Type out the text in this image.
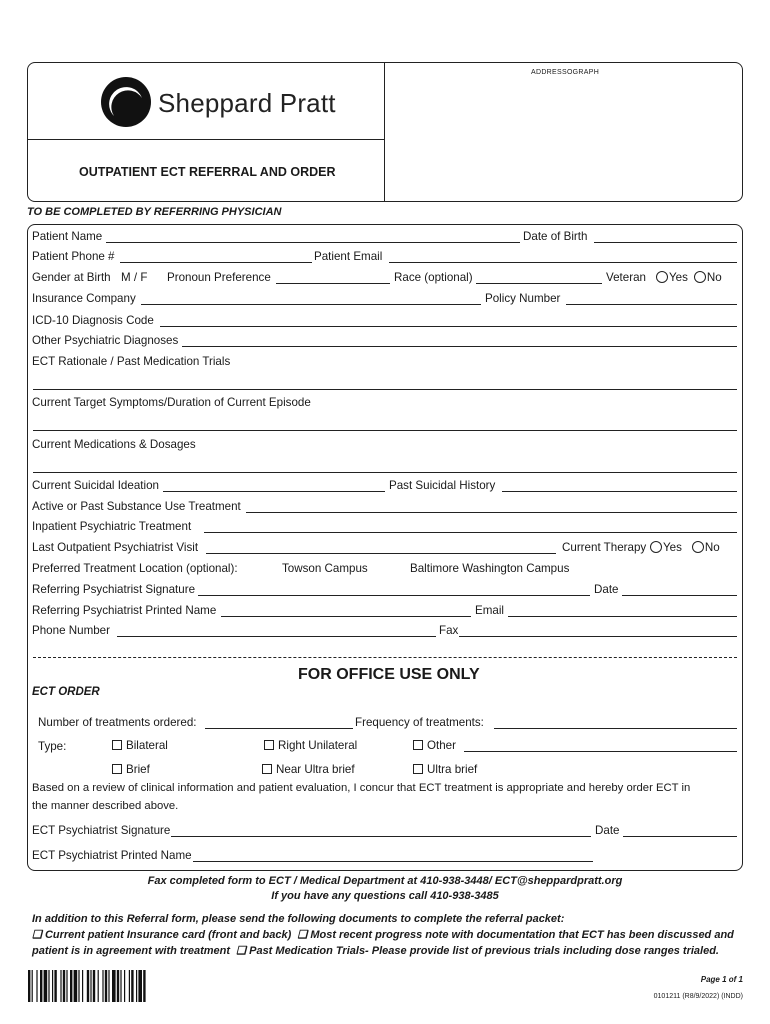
ADDRESSOGRAPH
Sheppard Pratt
OUTPATIENT ECT REFERRAL AND ORDER
TO BE COMPLETED BY REFERRING PHYSICIAN
Patient Name	Date of Birth
Patient Phone #	Patient Email
Gender at Birth M / F Pronoun Preference	Race (optional)	Veteran	Yes No
Insurance Company	Policy Number
ICD-10 Diagnosis Code
Other Psychiatric Diagnoses
ECT Rationale / Past Medication Trials
Current Target Symptoms/Duration of Current Episode
Current Medications & Dosages
Current Suicidal Ideation	Past Suicidal History
Active or Past Substance Use Treatment
Inpatient Psychiatric Treatment
Last Outpatient Psychiatrist Visit	Current Therapy	Yes No
Preferred Treatment Location (optional):	Towson Campus	Baltimore Washington Campus
Referring Psychiatrist Signature	Date
Referring Psychiatrist Printed Name	Email
Phone Number	Fax
FOR OFFICE USE ONLY
ECT ORDER
Number of treatments ordered:	Frequency of treatments:
Type:	Bilateral	Right Unilateral	Other
Brief	Near Ultra brief	Ultra brief
Based on a review of clinical information and patient evaluation, I concur that ECT treatment is appropriate and hereby order ECT in
the manner described above.
ECT Psychiatrist Signature	Date
ECT Psychiatrist Printed Name
Fax completed form to ECT / Medical Department at 410-938-3448/ ECT@sheppardpratt.org
If you have any questions call 410-938-3485
In addition to this Referral form, please send the following documents to complete the referral packet:
❑ Current patient Insurance card (front and back) ❑ Most recent progress note with documentation that ECT has been discussed and
patient is in agreement with treatment ❑ Past Medication Trials- Please provide list of previous trials including dose ranges trialed.
Page 1 of 1
0101211 (R8/9/2022) (INDD)
